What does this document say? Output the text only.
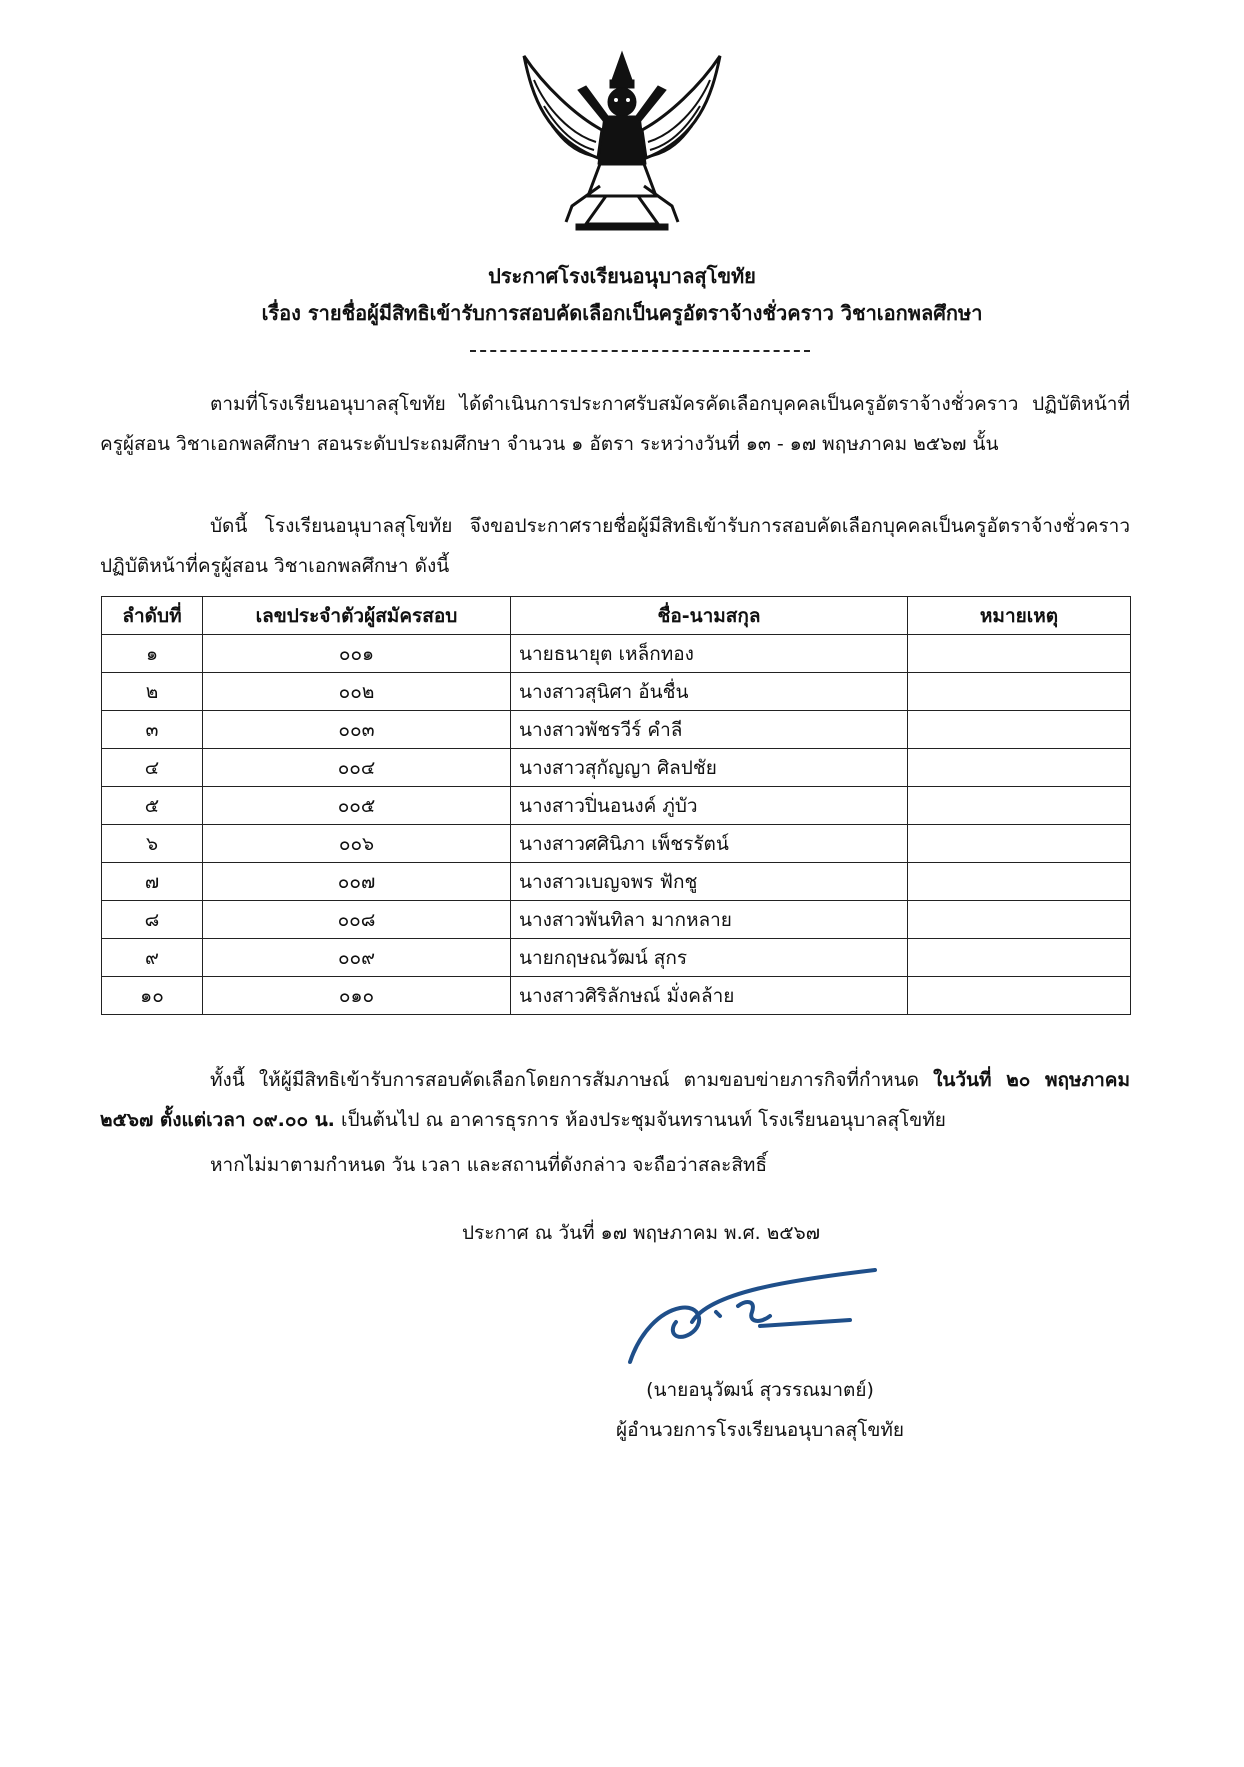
ประกาศโรงเรียนอนุบาลสุโขทัย
เรื่อง รายชื่อผู้มีสิทธิเข้ารับการสอบคัดเลือกเป็นครูอัตราจ้างชั่วคราว วิชาเอกพลศึกษา
ตามที่โรงเรียนอนุบาลสุโขทัย ได้ดำเนินการประกาศรับสมัครคัดเลือกบุคคลเป็นครูอัตราจ้างชั่วคราว ปฏิบัติหน้าที่ครูผู้สอน วิชาเอกพลศึกษา สอนระดับประถมศึกษา จำนวน ๑ อัตรา ระหว่างวันที่ ๑๓ - ๑๗ พฤษภาคม ๒๕๖๗ นั้น
บัดนี้ โรงเรียนอนุบาลสุโขทัย จึงขอประกาศรายชื่อผู้มีสิทธิเข้ารับการสอบคัดเลือกบุคคลเป็นครูอัตราจ้างชั่วคราว ปฏิบัติหน้าที่ครูผู้สอน วิชาเอกพลศึกษา ดังนี้
ลำดับที่	เลขประจำตัวผู้สมัครสอบ	ชื่อ-นามสกุล	หมายเหตุ
๑	๐๐๑	นายธนายุต เหล็กทอง	
๒	๐๐๒	นางสาวสุนิศา อ้นชื่น	
๓	๐๐๓	นางสาวพัชรวีร์ คำลี	
๔	๐๐๔	นางสาวสุกัญญา ศิลปชัย	
๕	๐๐๕	นางสาวปิ่นอนงค์ ภู่บัว	
๖	๐๐๖	นางสาวศศินิภา เพ็ชรรัตน์	
๗	๐๐๗	นางสาวเบญจพร ฟักชู	
๘	๐๐๘	นางสาวพันทิลา มากหลาย	
๙	๐๐๙	นายกฤษณวัฒน์ สุกร	
๑๐	๐๑๐	นางสาวศิริลักษณ์ มั่งคล้าย	
ทั้งนี้ ให้ผู้มีสิทธิเข้ารับการสอบคัดเลือกโดยการสัมภาษณ์ ตามขอบข่ายภารกิจที่กำหนด ในวันที่ ๒๐ พฤษภาคม ๒๕๖๗ ตั้งแต่เวลา ๐๙.๐๐ น. เป็นต้นไป ณ อาคารธุรการ ห้องประชุมจันทรานนท์ โรงเรียนอนุบาลสุโขทัย
หากไม่มาตามกำหนด วัน เวลา และสถานที่ดังกล่าว จะถือว่าสละสิทธิ์
ประกาศ ณ วันที่ ๑๗ พฤษภาคม พ.ศ. ๒๕๖๗
(นายอนุวัฒน์ สุวรรณมาตย์)
ผู้อำนวยการโรงเรียนอนุบาลสุโขทัย
